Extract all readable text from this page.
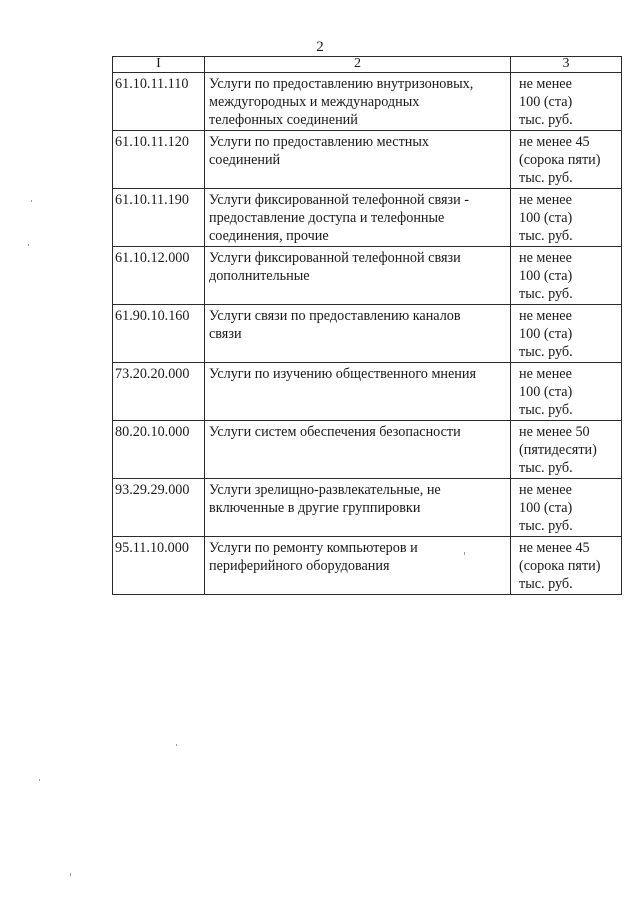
2
I	2	3
61.10.11.110	Услуги по предоставлению внутризоновых,
междугородных и международных
телефонных соединений	не менее
100 (ста)
тыс. руб.

61.10.11.120	Услуги по предоставлению местных
соединений	не менее 45
(сорока пяти)
тыс. руб.

61.10.11.190	Услуги фиксированной телефонной связи -
предоставление доступа и телефонные
соединения, прочие	не менее
100 (ста)
тыс. руб.

61.10.12.000	Услуги фиксированной телефонной связи
дополнительные	не менее
100 (ста)
тыс. руб.

61.90.10.160	Услуги связи по предоставлению каналов
связи	не менее
100 (ста)
тыс. руб.

73.20.20.000	Услуги по изучению общественного мнения	не менее
100 (ста)
тыс. руб.

80.20.10.000	Услуги систем обеспечения безопасности	не менее 50
(пятидесяти)
тыс. руб.

93.29.29.000	Услуги зрелищно-развлекательные, не
включенные в другие группировки	не менее
100 (ста)
тыс. руб.

95.11.10.000	Услуги по ремонту компьютеров и
периферийного оборудования	не менее 45
(сорока пяти)
тыс. руб.
